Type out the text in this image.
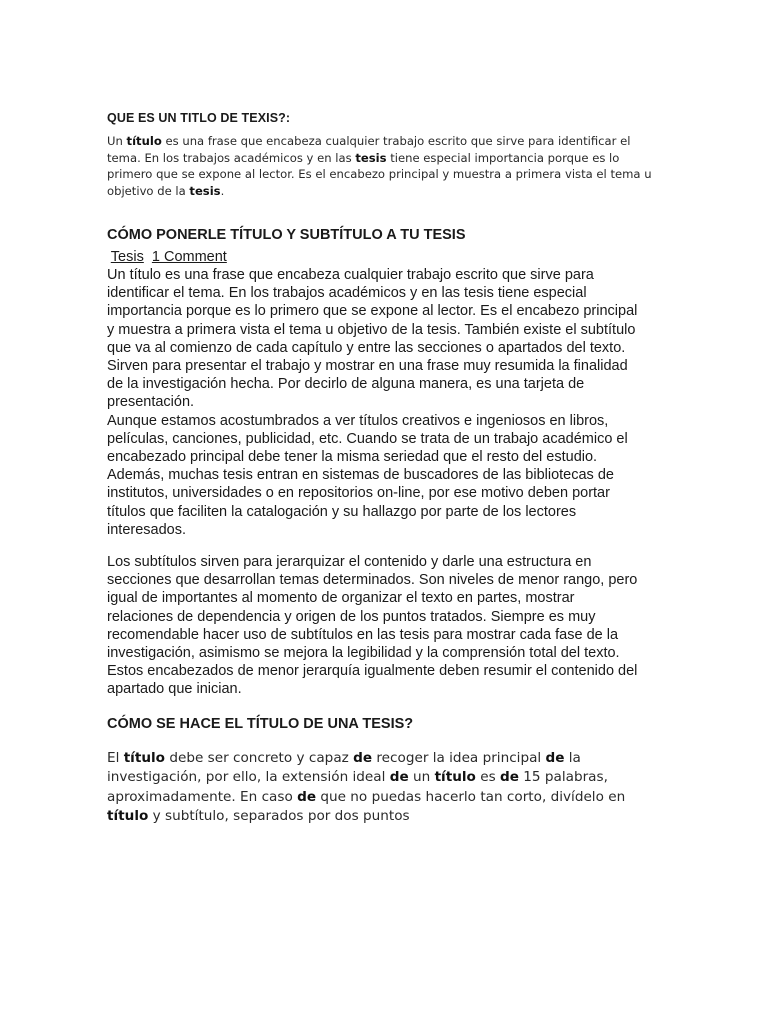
QUE ES UN TITLO DE TEXIS?:

Un título es una frase que encabeza cualquier trabajo escrito que sirve para identificar el tema. En los trabajos académicos y en las tesis tiene especial importancia porque es lo primero que se expone al lector. Es el encabezo principal y muestra a primera vista el tema u objetivo de la tesis.

CÓMO PONERLE TÍTULO Y SUBTÍTULO A TU TESIS
Tesis 1 Comment
Un título es una frase que encabeza cualquier trabajo escrito que sirve para
identificar el tema. En los trabajos académicos y en las tesis tiene especial
importancia porque es lo primero que se expone al lector. Es el encabezo principal
y muestra a primera vista el tema u objetivo de la tesis. También existe el subtítulo
que va al comienzo de cada capítulo y entre las secciones o apartados del texto.
Sirven para presentar el trabajo y mostrar en una frase muy resumida la finalidad
de la investigación hecha. Por decirlo de alguna manera, es una tarjeta de
presentación.
Aunque estamos acostumbrados a ver títulos creativos e ingeniosos en libros,
películas, canciones, publicidad, etc. Cuando se trata de un trabajo académico el
encabezado principal debe tener la misma seriedad que el resto del estudio.
Además, muchas tesis entran en sistemas de buscadores de las bibliotecas de
institutos, universidades o en repositorios on-line, por ese motivo deben portar
títulos que faciliten la catalogación y su hallazgo por parte de los lectores
interesados.
Los subtítulos sirven para jerarquizar el contenido y darle una estructura en
secciones que desarrollan temas determinados. Son niveles de menor rango, pero
igual de importantes al momento de organizar el texto en partes, mostrar
relaciones de dependencia y origen de los puntos tratados. Siempre es muy
recomendable hacer uso de subtítulos en las tesis para mostrar cada fase de la
investigación, asimismo se mejora la legibilidad y la comprensión total del texto.
Estos encabezados de menor jerarquía igualmente deben resumir el contenido del
apartado que inician.
CÓMO SE HACE EL TÍTULO DE UNA TESIS?

El título debe ser concreto y capaz de recoger la idea principal de la investigación, por ello, la extensión ideal de un título es de 15 palabras, aproximadamente. En caso de que no puedas hacerlo tan corto, divídelo en título y subtítulo, separados por dos puntos
